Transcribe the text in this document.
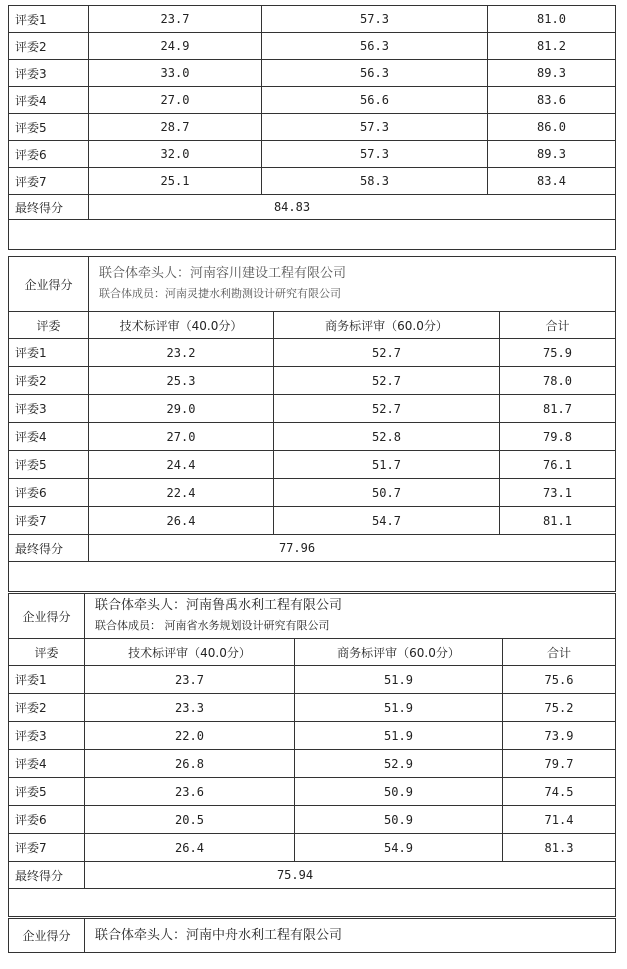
评委1	23.7	57.3	81.0
评委2	24.9	56.3	81.2
评委3	33.0	56.3	89.3
评委4	27.0	56.6	83.6
评委5	28.7	57.3	86.0
评委6	32.0	57.3	89.3
评委7	25.1	58.3	83.4
最终得分	84.83		

企业得分	联合体牵头人：河南容川建设工程有限公司
联合体成员：河南灵捷水利勘测设计研究有限公司		

评委	技术标评审（40.0分）	商务标评审（60.0分）	合计
评委1	23.2	52.7	75.9
评委2	25.3	52.7	78.0
评委3	29.0	52.7	81.7
评委4	27.0	52.8	79.8
评委5	24.4	51.7	76.1
评委6	22.4	50.7	73.1
评委7	26.4	54.7	81.1
最终得分	77.96		

企业得分	联合体牵头人：河南鲁禹水利工程有限公司
联合体成员： 河南省水务规划设计研究有限公司		

评委	技术标评审（40.0分）	商务标评审（60.0分）	合计
评委1	23.7	51.9	75.6
评委2	23.3	51.9	75.2
评委3	22.0	51.9	73.9
评委4	26.8	52.9	79.7
评委5	23.6	50.9	74.5
评委6	20.5	50.9	71.4
评委7	26.4	54.9	81.3
最终得分	75.94		

企业得分	联合体牵头人：河南中舟水利工程有限公司
